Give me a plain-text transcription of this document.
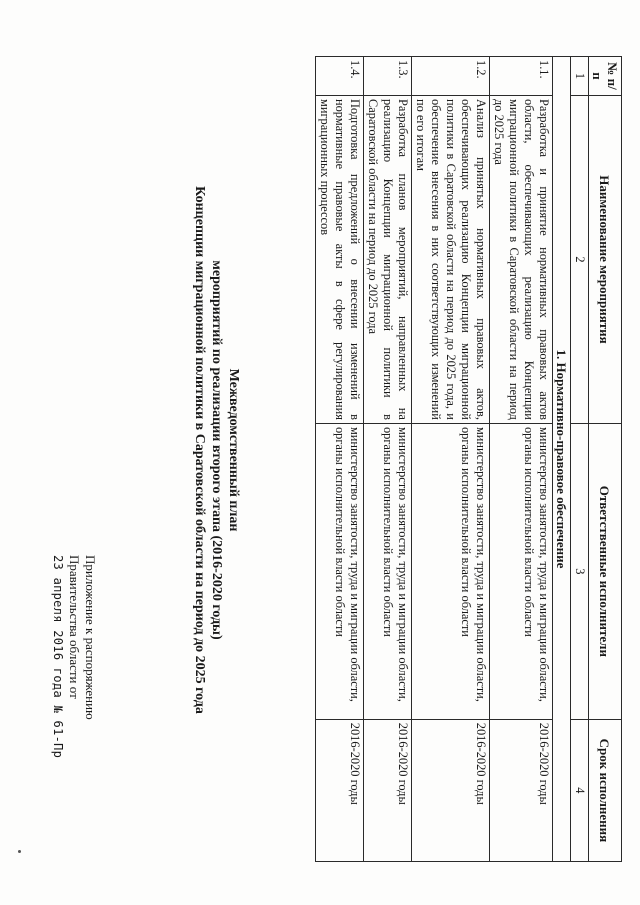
Приложение к распоряжению
Правительства области от
23 апреля 2016 года № 61-Пр
Межведомственный план
мероприятий по реализации второго этапа (2016-2020 годы)
Концепции миграционной политики в Саратовской области на период до 2025 года
№ п/п	Наименование мероприятия	Ответственные исполнители	Срок исполнения
1	2	3	4
1. Нормативно-правовое обеспечение			
1.1.	Разработка и принятие нормативных правовых актов области, обеспечивающих реализацию Концепции миграционной политики в Саратовской области на период до 2025 года	министерство занятости, труда и миграции области, органы исполнительной власти области	2016-2020 годы
1.2.	Анализ принятых нормативных правовых актов, обеспечивающих реализацию Концепции миграционной политики в Саратовской области на период до 2025 года, и обеспечение внесения в них соответствующих изменений по его итогам	министерство занятости, труда и миграции области, органы исполнительной власти области	2016-2020 годы
1.3.	Разработка планов мероприятий, направленных на реализацию Концепции миграционной политики в Саратовской области на период до 2025 года	министерство занятости, труда и миграции области, органы исполнительной власти области	2016-2020 годы
1.4.	Подготовка предложений о внесении изменений в нормативные правовые акты в сфере регулирования миграционных процессов	министерство занятости, труда и миграции области, органы исполнительной власти области	2016-2020 годы
